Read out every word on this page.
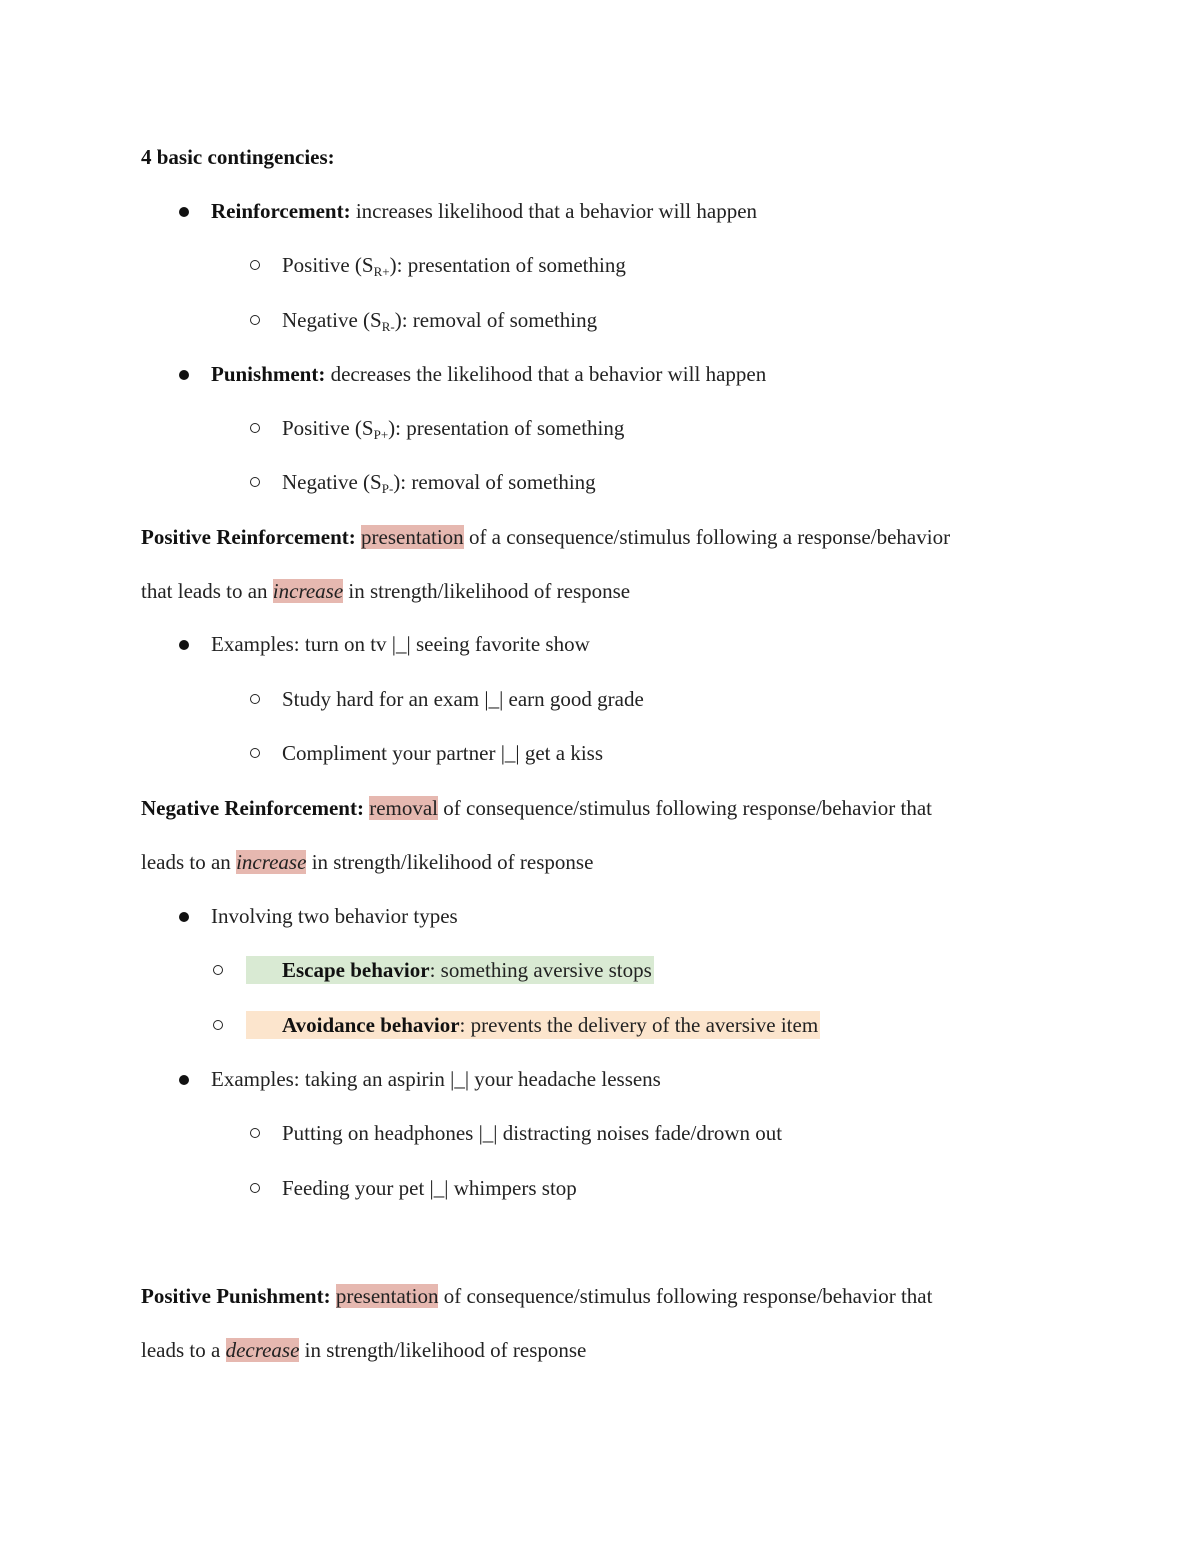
4 basic contingencies:
Reinforcement: increases likelihood that a behavior will happen
Positive $(S_{R+})$: presentation of something
Negative $(S_{R-})$: removal of something
Punishment: decreases the likelihood that a behavior will happen
Positive $(S_{P+})$: presentation of something
Negative $(S_{P-})$: removal of something
Positive Reinforcement: presentation of a consequence/stimulus following a response/behavior
that leads to an increase in strength/likelihood of response
Examples: turn on tv |_| seeing favorite show
Study hard for an exam |_| earn good grade
Compliment your partner |_| get a kiss
Negative Reinforcement: removal of consequence/stimulus following response/behavior that
leads to an increase in strength/likelihood of response
Involving two behavior types
Escape behavior: something aversive stops
Avoidance behavior: prevents the delivery of the aversive item
Examples: taking an aspirin |_| your headache lessens
Putting on headphones |_| distracting noises fade/drown out
Feeding your pet |_| whimpers stop
Positive Punishment: presentation of consequence/stimulus following response/behavior that
leads to a decrease in strength/likelihood of response
